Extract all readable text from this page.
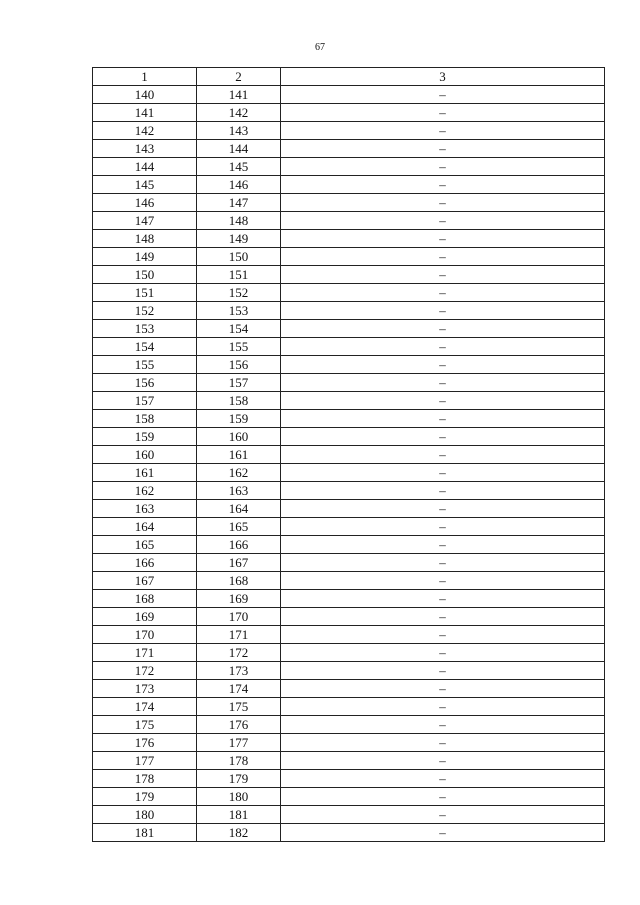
67
1	2	3
140	141	–
141	142	–
142	143	–
143	144	–
144	145	–
145	146	–
146	147	–
147	148	–
148	149	–
149	150	–
150	151	–
151	152	–
152	153	–
153	154	–
154	155	–
155	156	–
156	157	–
157	158	–
158	159	–
159	160	–
160	161	–
161	162	–
162	163	–
163	164	–
164	165	–
165	166	–
166	167	–
167	168	–
168	169	–
169	170	–
170	171	–
171	172	–
172	173	–
173	174	–
174	175	–
175	176	–
176	177	–
177	178	–
178	179	–
179	180	–
180	181	–
181	182	–
